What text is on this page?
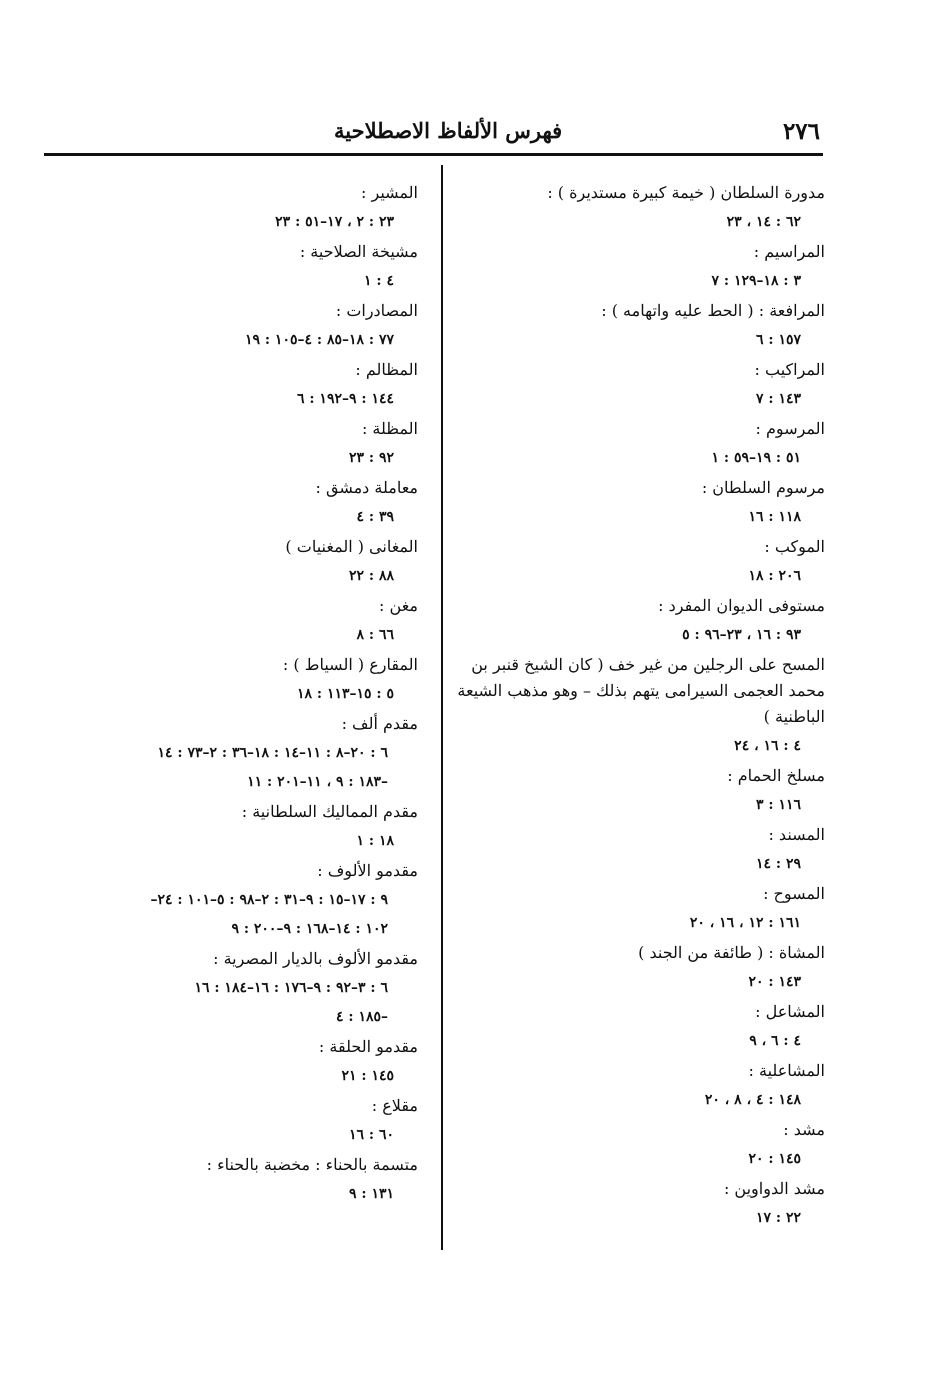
٢٧٦
فهرس الألفاظ الاصطلاحية
مدورة السلطان ( خيمة كبيرة مستديرة ) :
٦٢ : ١٤ ، ٢٣
المراسيم :
٣ : ١٨–١٢٩ : ٧
المرافعة : ( الحط عليه واتهامه ) :
١٥٧ : ٦
المراكيب :
١٤٣ : ٧
المرسوم :
٥١ : ١٩–٥٩ : ١
مرسوم السلطان :
١١٨ : ١٦
الموكب :
٢٠٦ : ١٨
مستوفى الديوان المفرد :
٩٣ : ١٦ ، ٢٣–٩٦ : ٥
المسح على الرجلين من غير خف ( كان الشيخ قنبر بن محمد العجمى السيرامى يتهم بذلك – وهو مذهب الشيعة الباطنية )
٤ : ١٦ ، ٢٤
مسلخ الحمام :
١١٦ : ٣
المسند :
٢٩ : ١٤
المسوح :
١٦١ : ١٢ ، ١٦ ، ٢٠
المشاة : ( طائفة من الجند )
١٤٣ : ٢٠
المشاعل :
٤ : ٦ ، ٩
المشاعلية :
١٤٨ : ٤ ، ٨ ، ٢٠
مشد :
١٤٥ : ٢٠
مشد الدواوين :
٢٢ : ١٧
المشير :
٢٣ : ٢ ، ١٧–٥١ : ٢٣
مشيخة الصلاحية :
٤ : ١
المصادرات :
٧٧ : ١٨–٨٥ : ٤–١٠٥ : ١٩
المظالم :
١٤٤ : ٩–١٩٢ : ٦
المظلة :
٩٢ : ٢٣
معاملة دمشق :
٣٩ : ٤
المغانى ( المغنيات )
٨٨ : ٢٢
مغن :
٦٦ : ٨
المقارع ( السياط ) :
٥ : ١٥–١١٣ : ١٨
مقدم ألف :
٦ : ٢٠–٨ : ١١–١٤ : ١٨–٣٦ : ٢–٧٣ : ١٤
–١٨٣ : ٩ ، ١١–٢٠١ : ١١
مقدم المماليك السلطانية :
١٨ : ١
مقدمو الألوف :
٩ : ١٧–١٥ : ٩–٣١ : ٢–٩٨ : ٥–١٠١ : ٢٤–
١٠٢ : ١٤–١٦٨ : ٩–٢٠٠ : ٩
مقدمو الألوف بالديار المصرية :
٦ : ٣–٩٢ : ٩–١٧٦ : ١٦–١٨٤ : ١٦
–١٨٥ : ٤
مقدمو الحلقة :
١٤٥ : ٢١
مقلاع :
٦٠ : ١٦
متسمة بالحناء : مخضبة بالحناء :
١٣١ : ٩
